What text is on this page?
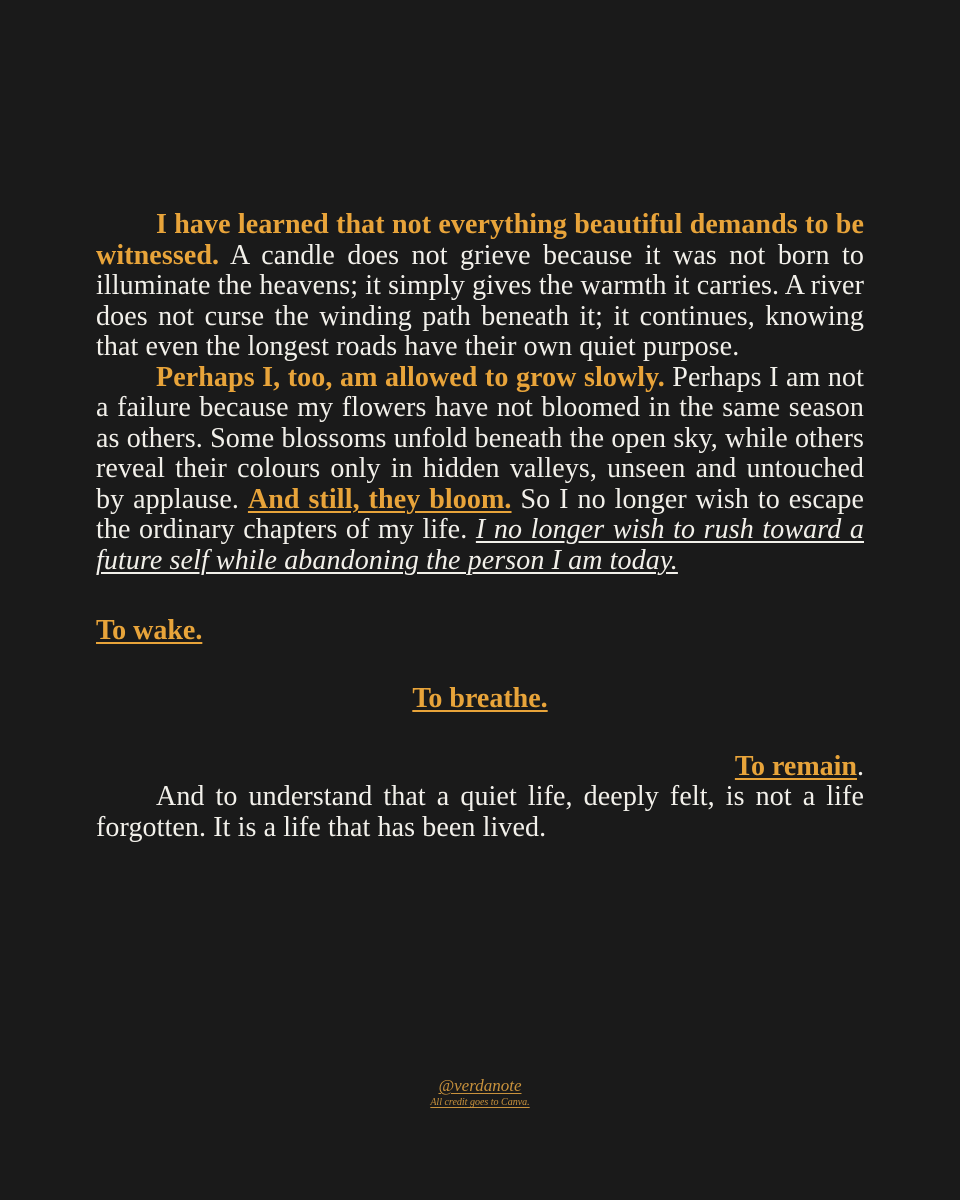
I have learned that not everything beautiful demands to be witnessed. A candle does not grieve because it was not born to illuminate the heavens; it simply gives the warmth it carries. A river does not curse the winding path beneath it; it continues, knowing that even the longest roads have their own quiet purpose.

Perhaps I, too, am allowed to grow slowly. Perhaps I am not a failure because my flowers have not bloomed in the same season as others. Some blossoms unfold beneath the open sky, while others reveal their colours only in hidden valleys, unseen and untouched by applause. And still, they bloom. So I no longer wish to escape the ordinary chapters of my life. I no longer wish to rush toward a future self while abandoning the person I am today.

To wake.

To breathe.

To remain.

And to understand that a quiet life, deeply felt, is not a life forgotten. It is a life that has been lived.

@verdanote
All credit goes to Canva.
